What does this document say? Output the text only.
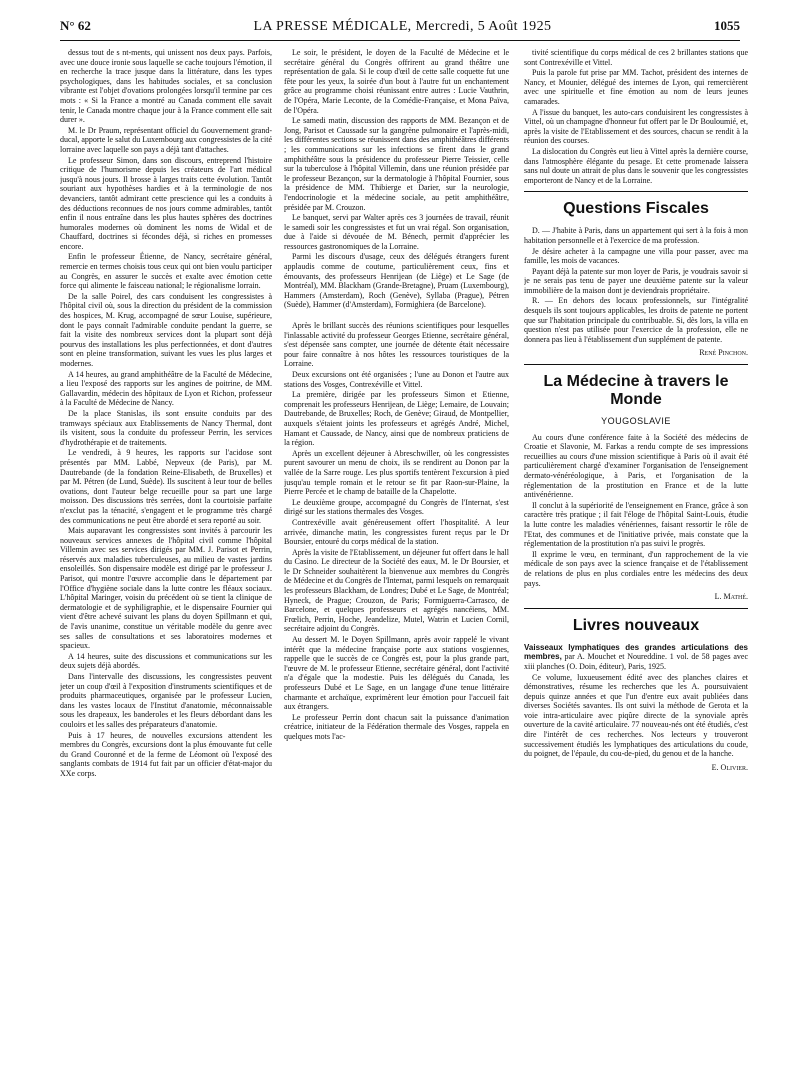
N° 62	LA PRESSE MÉDICALE, Mercredi, 5 Août 1925	1055

dessus tout de s nt-ments, qui unissent nos deux pays. Parfois, avec une douce ironie sous laquelle se cache toujours l'émotion, il en recherche la trace jusque dans la littérature, dans les types psychologiques, dans les habitudes sociales, et sa conclusion vibrante est l'objet d'ovations prolongées lorsqu'il termine par ces mots : « Si la France a montré au Canada comment elle savait tenir, le Canada montre chaque jour à la France comment elle sait durer ».

M. le Dr Praum, représentant officiel du Gouvernement grand-ducal, apporte le salut du Luxembourg aux congressistes de la cité lorraine avec laquelle son pays a déjà tant d'attaches.

Le professeur Simon, dans son discours, entreprend l'histoire critique de l'humorisme depuis les créateurs de l'art médical jusqu'à nous jours. Il brosse à larges traits cette évolution. Tantôt souriant aux hypothèses hardies et à la terminologie de nos devanciers, tantôt admirant cette prescience qui les a conduits à des déductions reconnues de nos jours comme admirables, tantôt enfin il nous entraîne dans les plus hautes sphères des doctrines humorales modernes où dominent les noms de Widal et de Chauffard, doctrines si fécondes déjà, si riches en promesses encore.

Enfin le professeur Étienne, de Nancy, secrétaire général, remercie en termes choisis tous ceux qui ont bien voulu participer au Congrès, en assurer le succès et exalte avec émotion cette force qui alimente le faisceau national; le régionalisme lorrain.

De la salle Poirel, des cars conduisent les congressistes à l'hôpital civil où, sous la direction du président de la commission des hospices, M. Krug, accompagné de sœur Louise, supérieure, dont le pays connaît l'admirable conduite pendant la guerre, se fait la visite des nombreux services dont la plupart sont déjà pourvus des installations les plus perfectionnées, et dont d'autres sont en pleine transformation, suivant les vues les plus larges et modernes.

A 14 heures, au grand amphithéâtre de la Faculté de Médecine, a lieu l'exposé des rapports sur les angines de poitrine, de MM. Gallavardin, médecin des hôpitaux de Lyon et Richon, professeur à la Faculté de Médecine de Nancy.

De la place Stanislas, ils sont ensuite conduits par des tramways spéciaux aux Etablissements de Nancy Thermal, dont ils visitent, sous la conduite du professeur Perrin, les services d'hydrothérapie et de traitements.

Le vendredi, à 9 heures, les rapports sur l'acidose sont présentés par MM. Labbé, Nepveux (de Paris), par M. Dautrebande (de la fondation Reine-Elisabeth, de Bruxelles) et par M. Pétren (de Lund, Suède). Ils suscitent à leur tour de belles ovations, dont l'auteur belge recueille pour sa part une large moisson. Des discussions très serrées, dont la courtoisie parfaite n'exclut pas la ténacité, s'engagent et le programme très chargé des communications ne peut être abordé et sera reporté au soir.

Mais auparavant les congressistes sont invités à parcourir les nouveaux services annexes de l'hôpital civil comme l'hôpital Villemin avec ses services dirigés par MM. J. Parisot et Perrin, réservés aux maladies tuberculeuses, au milieu de vastes jardins ensoleillés. Son dispensaire modèle est dirigé par le professeur J. Parisot, qui montre l'œuvre accomplie dans le département par l'Office d'hygiène sociale dans la lutte contre les fléaux sociaux. L'hôpital Maringer, voisin du précédent où se tient la clinique de dermatologie et de syphiligraphie, et le dispensaire Fournier qui vient d'être achevé suivant les plans du doyen Spillmann et qui, de l'avis unanime, constitue un véritable modèle du genre avec ses salles de consultations et ses laboratoires modernes et spacieux.

A 14 heures, suite des discussions et communications sur les deux sujets déjà abordés.

Dans l'intervalle des discussions, les congressistes peuvent jeter un coup d'œil à l'exposition d'instruments scientifiques et de produits pharmaceutiques, organisée par le professeur Lucien, dans les vastes locaux de l'Institut d'anatomie, méconnaissable sous les drapeaux, les banderoles et les fleurs débordant dans les couloirs et les salles des préparateurs d'anatomie.

Puis à 17 heures, de nouvelles excursions attendent les membres du Congrès, excursions dont la plus émouvante fut celle du Grand Couronné et de la ferme de Léomont où l'exposé des sanglants combats de 1914 fut fait par un officier d'état-major du XXe corps.

Le soir, le président, le doyen de la Faculté de Médecine et le secrétaire général du Congrès offrirent au grand théâtre une représentation de gala. Si le coup d'œil de cette salle coquette fut une fête pour les yeux, la soirée d'un bout à l'autre fut un enchantement grâce au programme choisi réunissant entre autres : Lucie Vauthrin, de l'Opéra, Marie Leconte, de la Comédie-Française, et Mona Païva, de l'Opéra.

Le samedi matin, discussion des rapports de MM. Bezançon et de Jong, Parisot et Caussade sur la gangrène pulmonaire et l'après-midi, les différentes sections se réunissent dans des amphithéâtres différents ; les communications sur les infections se firent dans le grand amphithéâtre sous la présidence du professeur Pierre Teissier, celle sur la tuberculose à l'hôpital Villemin, dans une réunion présidée par le professeur Bezançon, sur la dermatologie à l'hôpital Fournier, sous la présidence de MM. Thibierge et Darier, sur la neurologie, l'endocrinologie et la médecine sociale, au petit amphithéâtre, présidée par M. Crouzon.

Le banquet, servi par Walter après ces 3 journées de travail, réunit le samedi soir les congressistes et fut un vrai régal. Son organisation, due à l'aide si dévouée de M. Bénech, permit d'apprécier les ressources gastronomiques de la Lorraine.

Parmi les discours d'usage, ceux des délégués étrangers furent applaudis comme de coutume, particulièrement ceux, fins et émouvants, des professeurs Henrijean (de Liège) et Le Sage (de Montréal), MM. Blackham (Grande-Bretagne), Pruam (Luxembourg), Hammers (Amsterdam), Roch (Genève), Syllaba (Prague), Pétren (Suède), Hammer (d'Amsterdam), Formighiera (de Barcelone).

Après le brillant succès des réunions scientifiques pour lesquelles l'inlassable activité du professeur Georges Etienne, secrétaire général, s'est dépensée sans compter, une journée de détente était nécessaire pour faire connaître à nos hôtes les ressources touristiques de la Lorraine.

Deux excursions ont été organisées ; l'une au Donon et l'autre aux stations des Vosges, Contrexéville et Vittel.

La première, dirigée par les professeurs Simon et Etienne, comprenait les professeurs Henrijean, de Liège; Lemaire, de Louvain; Dautrebande, de Bruxelles; Roch, de Genève; Giraud, de Montpellier, auxquels s'étaient joints les professeurs et agrégés André, Michel, Hamant et Caussade, de Nancy, ainsi que de nombreux praticiens de la région.

Après un excellent déjeuner à Abreschwiller, où les congressistes purent savourer un menu de choix, ils se rendirent au Donon par la vallée de la Sarre rouge. Les plus sportifs tentèrent l'excursion à pied jusqu'au temple romain et le retour se fit par Raon-sur-Plaine, la Pierre Percée et le champ de bataille de la Chapelotte.

Le deuxième groupe, accompagné du Congrès de l'Internat, s'est dirigé sur les stations thermales des Vosges.

Contrexéville avait généreusement offert l'hospitalité. A leur arrivée, dimanche matin, les congressistes furent reçus par le Dr Boursier, entouré du corps médical de la station.

Après la visite de l'Etablissement, un déjeuner fut offert dans le hall du Casino. Le directeur de la Société des eaux, M. le Dr Boursier, et le Dr Schneider souhaitèrent la bienvenue aux membres du Congrès de Médecine et du Congrès de l'Internat, parmi lesquels on remarquait les professeurs Blackham, de Londres; Dubé et Le Sage, de Montréal; Hyneck, de Prague; Crouzon, de Paris; Formiguerra-Carrasco, de Barcelone, et quelques professeurs et agrégés nancéiens, MM. Frœlich, Perrin, Hoche, Jeandelize, Mutel, Watrin et Lucien Cornil, secrétaire adjoint du Congrès.

Au dessert M. le Doyen Spillmann, après avoir rappelé le vivant intérêt que la médecine française porte aux stations vosgiennes, rappelle que le succès de ce Congrès est, pour la plus grande part, l'œuvre de M. le professeur Etienne, secrétaire général, dont l'activité n'a d'égale que la modestie. Puis les délégués du Canada, les professeurs Dubé et Le Sage, en un langage d'une tenue littéraire charmante et archaïque, exprimèrent leur émotion pour l'accueil fait aux étrangers.

Le professeur Perrin dont chacun sait la puissance d'animation créatrice, initiateur de la Fédération thermale des Vosges, rappela en quelques mots l'ac-

tivité scientifique du corps médical de ces 2 brillantes stations que sont Contrexéville et Vittel.

Puis la parole fut prise par MM. Tachot, président des internes de Nancy, et Mounier, délégué des internes de Lyon, qui remercièrent avec une spirituelle et fine émotion au nom de leurs jeunes camarades.

A l'issue du banquet, les auto-cars conduisirent les congressistes à Vittel, où un champagne d'honneur fut offert par le Dr Bouloumié, et, après la visite de l'Etablissement et des sources, chacun se rendit à la réunion des courses.

La dislocation du Congrès eut lieu à Vittel après la dernière course, dans l'atmosphère élégante du pesage. Et cette promenade laissera sans nul doute un attrait de plus dans le souvenir que les congressistes emporteront de Nancy et de la Lorraine.

Questions Fiscales

D. — J'habite à Paris, dans un appartement qui sert à la fois à mon habitation personnelle et à l'exercice de ma profession.

Je désire acheter à la campagne une villa pour passer, avec ma famille, les mois de vacances.

Payant déjà la patente sur mon loyer de Paris, je voudrais savoir si je ne serais pas tenu de payer une deuxième patente sur la valeur immobilière de la maison dont je deviendrais propriétaire.

R. — En dehors des locaux professionnels, sur l'intégralité desquels ils sont toujours applicables, les droits de patente ne portent que sur l'habitation principale du contribuable. Si, dès lors, la villa en question n'est pas utilisée pour l'exercice de la profession, elle ne donnera pas lieu à l'établissement d'un supplément de patente.

René Pinchon.
La Médecine à travers le Monde
YOUGOSLAVIE

Au cours d'une conférence faite à la Société des médecins de Croatie et Slavonie, M. Farkas a rendu compte de ses impressions recueillies au cours d'une mission scientifique à Paris où il avait été particulièrement chargé d'examiner l'organisation de l'enseignement dermato-vénéréologique, à Paris, et l'organisation de la réglementation de la prostitution en France et de la lutte antivénérienne.

Il conclut à la supériorité de l'enseignement en France, grâce à son caractère très pratique ; il fait l'éloge de l'hôpital Saint-Louis, étudie la lutte contre les maladies vénériennes, faisant ressortir le rôle de l'Etat, des communes et de l'initiative privée, mais constate que la réglementation de la prostitution n'a pas suivi le progrès.

Il exprime le vœu, en terminant, d'un rapprochement de la vie médicale de son pays avec la science française et de l'établissement de relations de plus en plus cordiales entre les médecins des deux pays.

L. Mathé.
Livres nouveaux

Vaisseaux lymphatiques des grandes articulations des membres, par A. Mouchet et Noureddine. 1 vol. de 58 pages avec xiii planches (O. Doin, éditeur), Paris, 1925.

Ce volume, luxueusement édité avec des planches claires et démonstratives, résume les recherches que les A. poursuivaient depuis quinze années et que l'un d'entre eux avait publiées dans diverses Sociétés savantes. Ils ont suivi la méthode de Gerota et la voie intra-articulaire avec piqûre directe de la synoviale après ouverture de la cavité articulaire. 77 nouveau-nés ont été étudiés, c'est dire l'intérêt de ces recherches. Nos lecteurs y trouveront successivement étudiés les lymphatiques des articulations du coude, du poignet, de l'épaule, du cou-de-pied, du genou et de la hanche.

E. Olivier.
